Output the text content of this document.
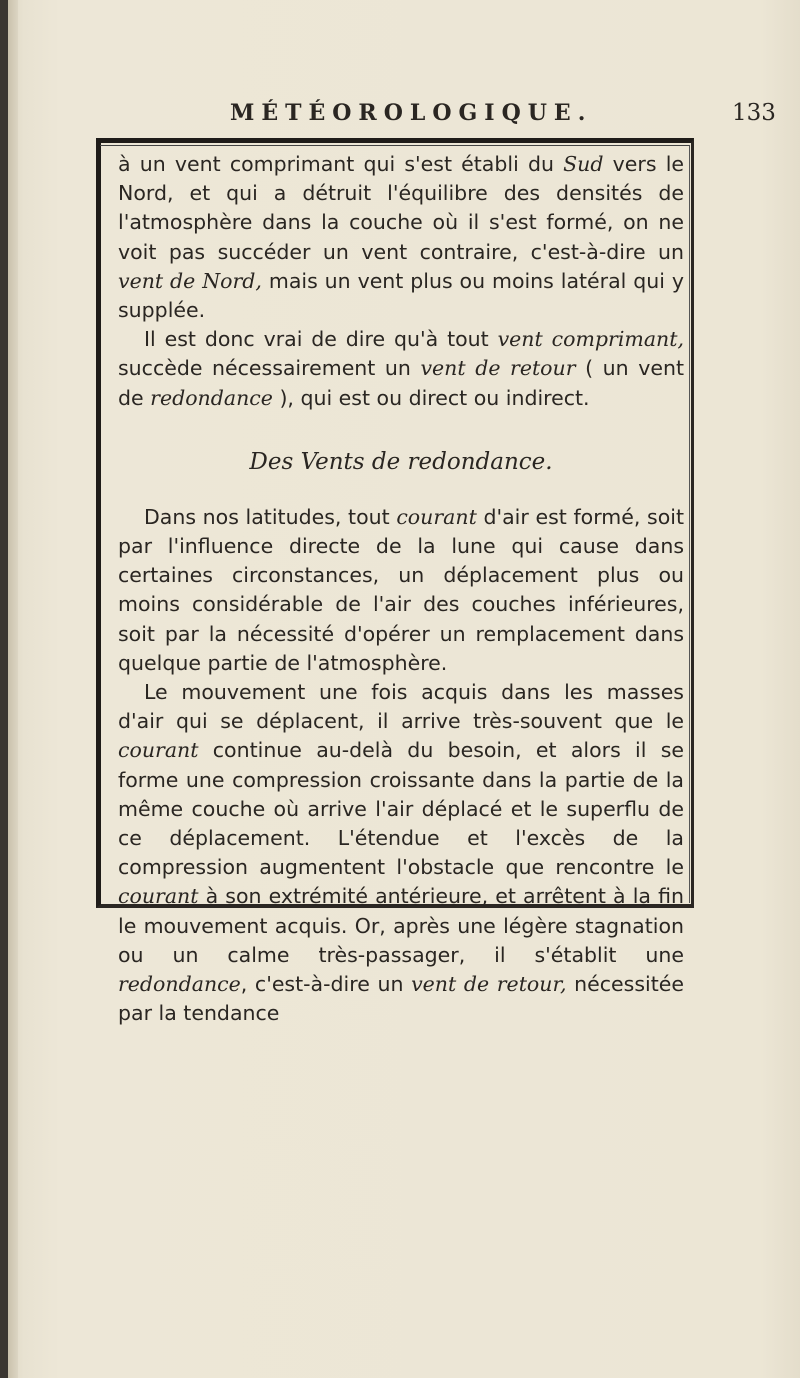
MÉTÉOROLOGIQUE.	133

à un vent comprimant qui s'est établi du Sud vers le Nord, et qui a détruit l'équilibre des densités de l'atmosphère dans la couche où il s'est formé, on ne voit pas succéder un vent contraire, c'est-à-dire un vent de Nord, mais un vent plus ou moins latéral qui y supplée.

Il est donc vrai de dire qu'à tout vent comprimant, succède nécessairement un vent de retour ( un vent de redondance ), qui est ou direct ou indirect.

Des Vents de redondance.

Dans nos latitudes, tout courant d'air est formé, soit par l'influence directe de la lune qui cause dans certaines circonstances, un déplacement plus ou moins considérable de l'air des couches inférieures, soit par la nécessité d'opérer un remplacement dans quelque partie de l'atmosphère.

Le mouvement une fois acquis dans les masses d'air qui se déplacent, il arrive très-souvent que le courant continue au-delà du besoin, et alors il se forme une compression croissante dans la partie de la même couche où arrive l'air déplacé et le superflu de ce déplacement. L'étendue et l'excès de la compression augmentent l'obstacle que rencontre le courant à son extrémité antérieure, et arrêtent à la fin le mouvement acquis. Or, après une légère stagnation ou un calme très-passager, il s'établit une redondance, c'est-à-dire un vent de retour, nécessitée par la tendance
